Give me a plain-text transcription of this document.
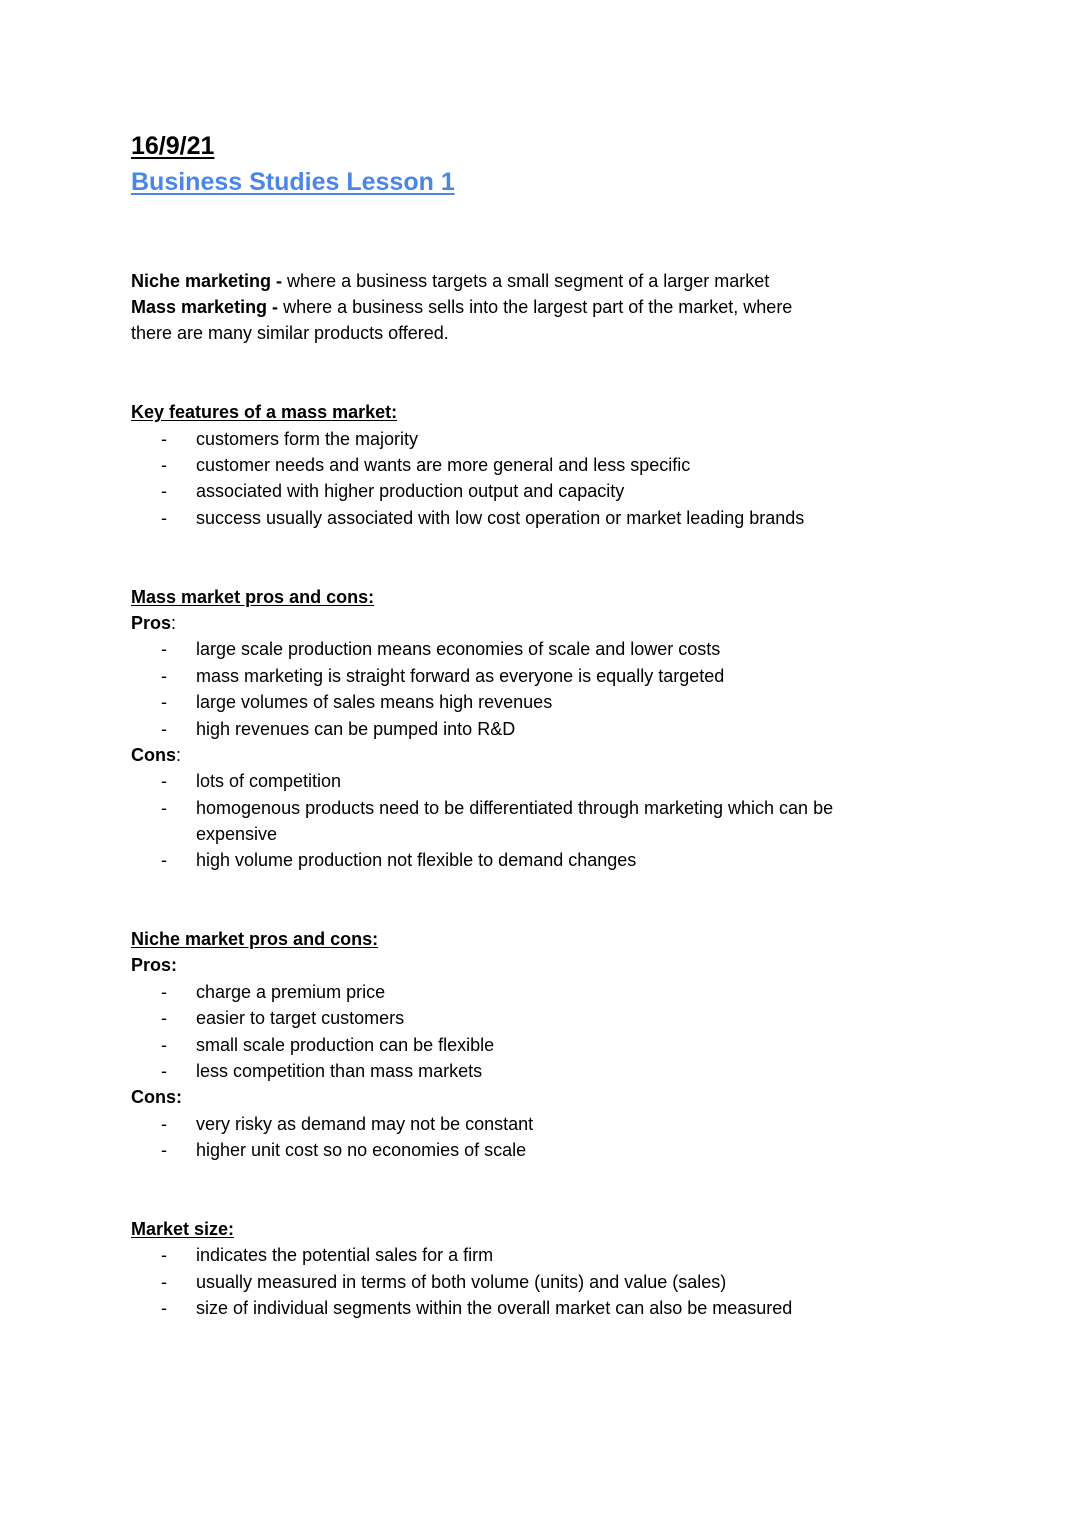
16/9/21
Business Studies Lesson 1
Niche marketing - where a business targets a small segment of a larger market
Mass marketing - where a business sells into the largest part of the market, where
there are many similar products offered.
Key features of a mass market:
- customers form the majority
- customer needs and wants are more general and less specific
- associated with higher production output and capacity
- success usually associated with low cost operation or market leading brands
Mass market pros and cons:
Pros:
- large scale production means economies of scale and lower costs
- mass marketing is straight forward as everyone is equally targeted
- large volumes of sales means high revenues
- high revenues can be pumped into R&D
Cons:
- lots of competition
- homogenous products need to be differentiated through marketing which can be
expensive
- high volume production not flexible to demand changes
Niche market pros and cons:
Pros:
- charge a premium price
- easier to target customers
- small scale production can be flexible
- less competition than mass markets
Cons:
- very risky as demand may not be constant
- higher unit cost so no economies of scale
Market size:
- indicates the potential sales for a firm
- usually measured in terms of both volume (units) and value (sales)
- size of individual segments within the overall market can also be measured
